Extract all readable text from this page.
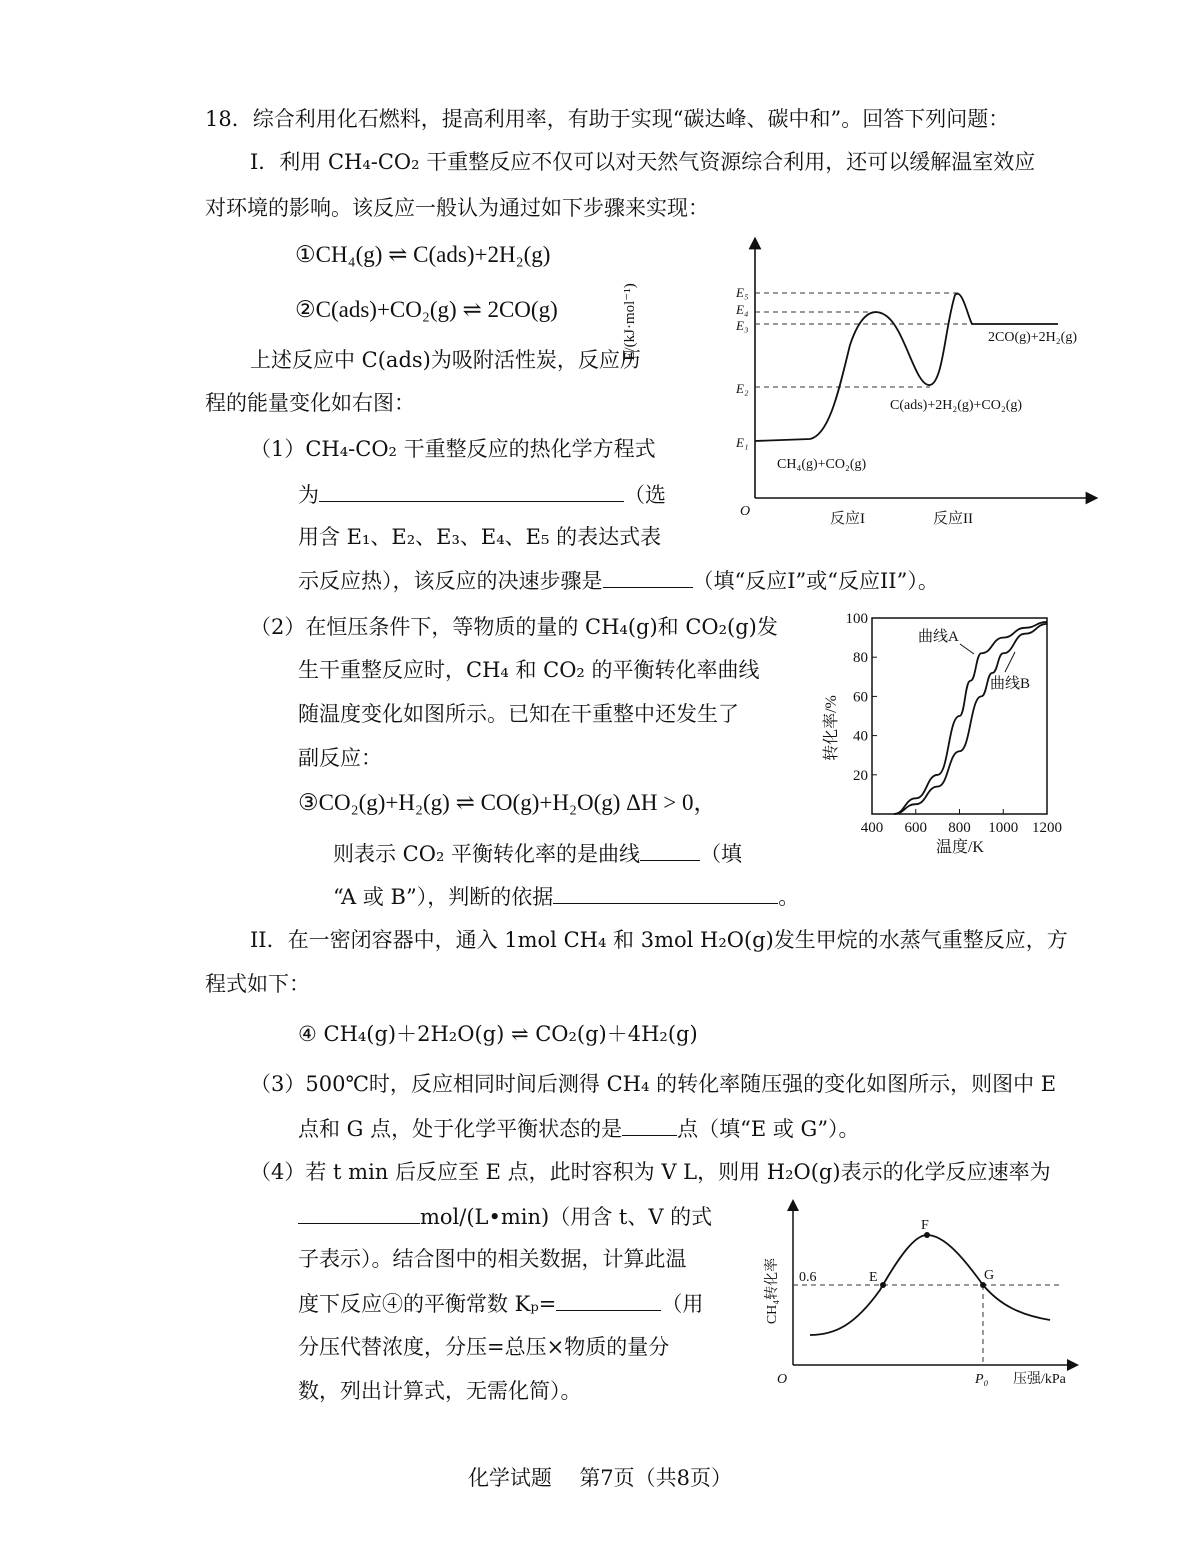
18．综合利用化石燃料，提高利用率，有助于实现“碳达峰、碳中和”。回答下列问题：
I．利用 CH₄-CO₂ 干重整反应不仅可以对天然气资源综合利用，还可以缓解温室效应
对环境的影响。该反应一般认为通过如下步骤来实现：
①CH₄(g) ⇌ C(ads)+2H₂(g)
②C(ads)+CO₂(g) ⇌ 2CO(g)
上述反应中 C(ads)为吸附活性炭，反应历
程的能量变化如右图：
（1）CH₄-CO₂ 干重整反应的热化学方程式
为	（选
用含 E₁、E₂、E₃、E₄、E₅ 的表达式表
示反应热），该反应的决速步骤是	（填“反应I”或“反应II”）。
（2）在恒压条件下，等物质的量的 CH₄(g)和 CO₂(g)发
生干重整反应时，CH₄ 和 CO₂ 的平衡转化率曲线
随温度变化如图所示。已知在干重整中还发生了
副反应：
③CO₂(g)+H₂(g) ⇌ CO(g)+H₂O(g) ΔH > 0，
则表示 CO₂ 平衡转化率的是曲线	（填
“A 或 B”），判断的依据	。
II．在一密闭容器中，通入 1mol CH₄ 和 3mol H₂O(g)发生甲烷的水蒸气重整反应，方
程式如下：
④ CH₄(g)＋2H₂O(g) ⇌ CO₂(g)＋4H₂(g)
（3）500℃时，反应相同时间后测得 CH₄ 的转化率随压强的变化如图所示，则图中 E
点和 G 点，处于化学平衡状态的是	点（填“E 或 G”）。
（4）若 t min 后反应至 E 点，此时容积为 V L，则用 H₂O(g)表示的化学反应速率为
mol/(L•min)（用含 t、V 的式
子表示）。结合图中的相关数据，计算此温
度下反应④的平衡常数 Kₚ=	（用
分压代替浓度，分压=总压×物质的量分
数，列出计算式，无需化简）。
E/(kJ·mol⁻¹)	E₅
E₄
E₃
E₂
E₁
O	反应I	反应II
2CO(g)+2H₂(g)
C(ads)+2H₂(g)+CO₂(g)
CH₄(g)+CO₂(g)
20
40
60
80
100
400 600 800 1000 1200
转化率/%
温度/K
曲线A
曲线B
E
F
G
0.6
P₀
O	压强/kPa
CH₄转化率
化学试题 第7页（共8页）
